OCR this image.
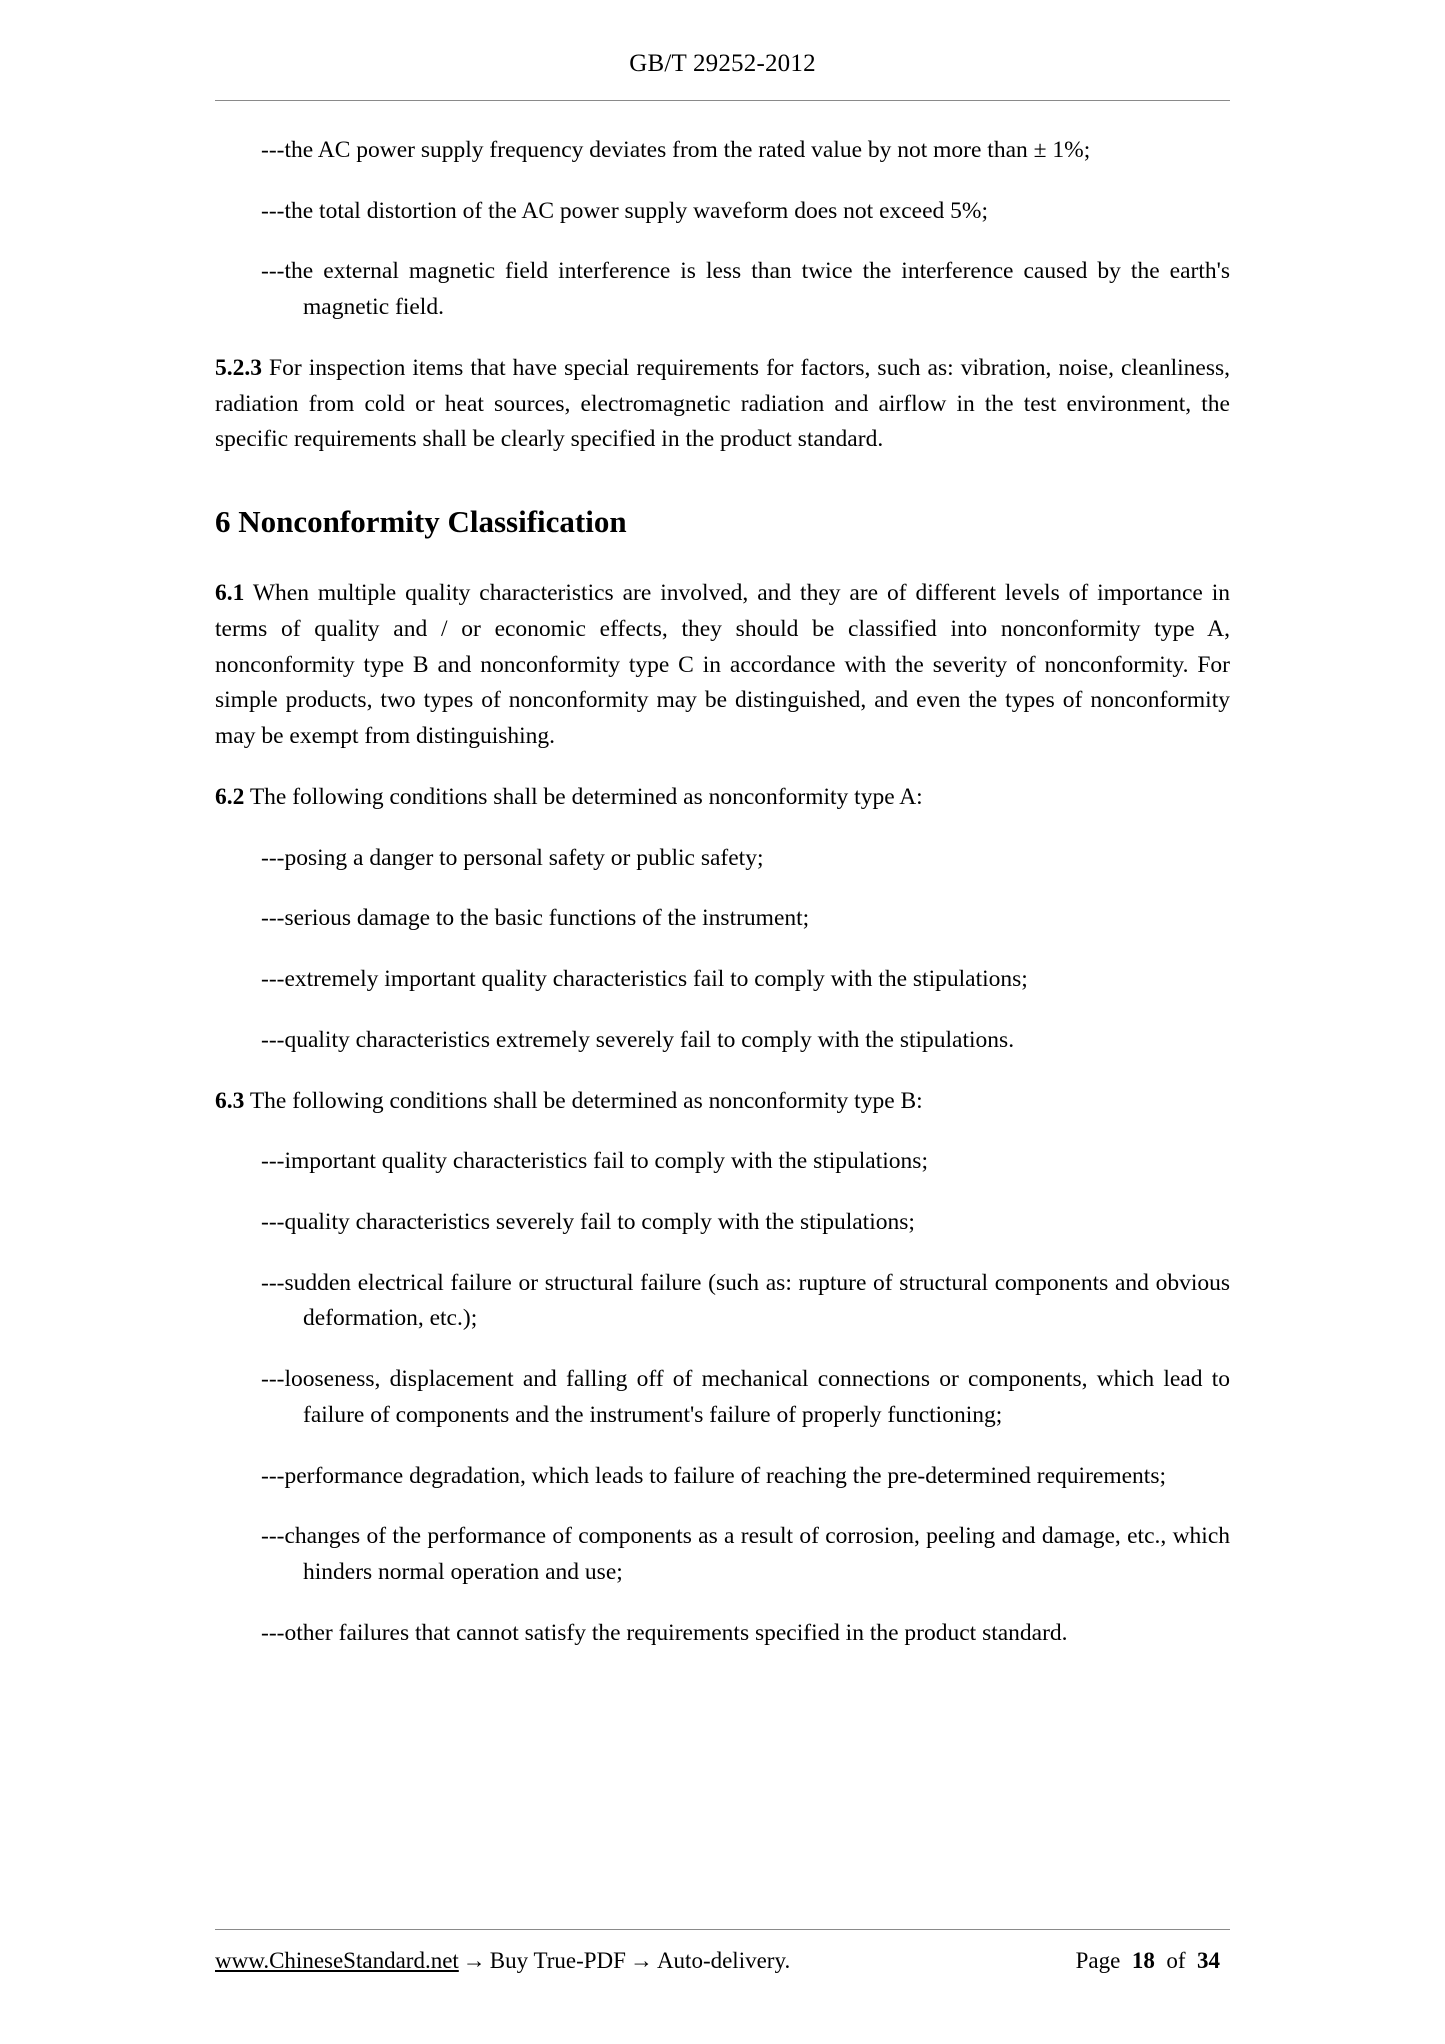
GB/T 29252-2012

---the AC power supply frequency deviates from the rated value by not more than ± 1%;

---the total distortion of the AC power supply waveform does not exceed 5%;

---the external magnetic field interference is less than twice the interference caused by the earth's magnetic field.

5.2.3 For inspection items that have special requirements for factors, such as: vibration, noise, cleanliness, radiation from cold or heat sources, electromagnetic radiation and airflow in the test environment, the specific requirements shall be clearly specified in the product standard.

6 Nonconformity Classification

6.1 When multiple quality characteristics are involved, and they are of different levels of importance in terms of quality and / or economic effects, they should be classified into nonconformity type A, nonconformity type B and nonconformity type C in accordance with the severity of nonconformity. For simple products, two types of nonconformity may be distinguished, and even the types of nonconformity may be exempt from distinguishing.

6.2 The following conditions shall be determined as nonconformity type A:

---posing a danger to personal safety or public safety;

---serious damage to the basic functions of the instrument;

---extremely important quality characteristics fail to comply with the stipulations;

---quality characteristics extremely severely fail to comply with the stipulations.

6.3 The following conditions shall be determined as nonconformity type B:

---important quality characteristics fail to comply with the stipulations;

---quality characteristics severely fail to comply with the stipulations;

---sudden electrical failure or structural failure (such as: rupture of structural components and obvious deformation, etc.);

---looseness, displacement and falling off of mechanical connections or components, which lead to failure of components and the instrument's failure of properly functioning;

---performance degradation, which leads to failure of reaching the pre-determined requirements;

---changes of the performance of components as a result of corrosion, peeling and damage, etc., which hinders normal operation and use;

---other failures that cannot satisfy the requirements specified in the product standard.

www.ChineseStandard.net → Buy True-PDF → Auto-delivery.	Page 18 of 34
